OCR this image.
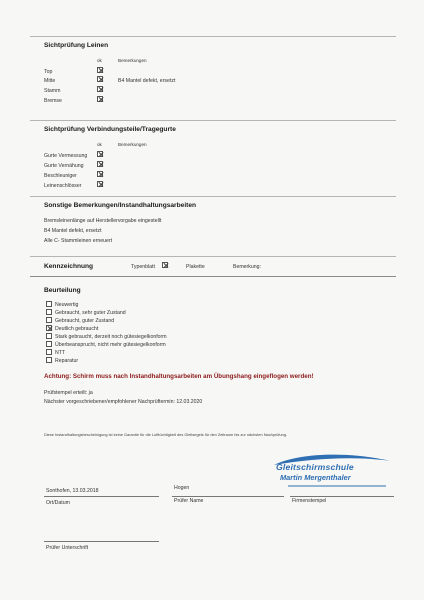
Sichtprüfung Leinen
ok	Bemerkungen
Top
Mitte	B4 Mantel defekt, ersetzt
Stamm
Bremse
Sichtprüfung Verbindungsteile/Tragegurte
ok	Bemerkungen
Gurte Vermessung
Gurte Vernähung
Beschleuniger
Leinenschlösser
Sonstige Bemerkungen/Instandhaltungsarbeiten
Bremsleinenlänge auf Herstellervorgabe eingestellt
B4 Mantel defekt, ersetzt
Alle C- Stammleinen erneuert
Kennzeichnung	Typenblatt	Plakette	Bemerkung:
Beurteilung
Neuwertig
Gebraucht, sehr guter Zustand
Gebraucht, guter Zustand
Deutlich gebraucht
Stark gebraucht, derzeit noch gütesiegelkonform
Überbeansprucht, nicht mehr gütesiegelkonform
NTT
Reparatur
Achtung: Schirm muss nach Instandhaltungsarbeiten am Übungshang eingeflogen werden!
Prüfstempel erteilt: ja
Nächster vorgeschriebener/empfohlener Nachprüftermin: 12.03.2020
Diese Instandhaltungsbescheinigung ist keine Garantie für die Lufttüchtigkeit des Gleitsegels für den Zeitraum bis zur nächsten Nachprüfung.
Gleitschirmschule
Martin Mergenthaler
Sonthofen, 13.03.2018	Hogen
Ort/Datum	Prüfer Name	Firmenstempel
Prüfer Unterschrift
